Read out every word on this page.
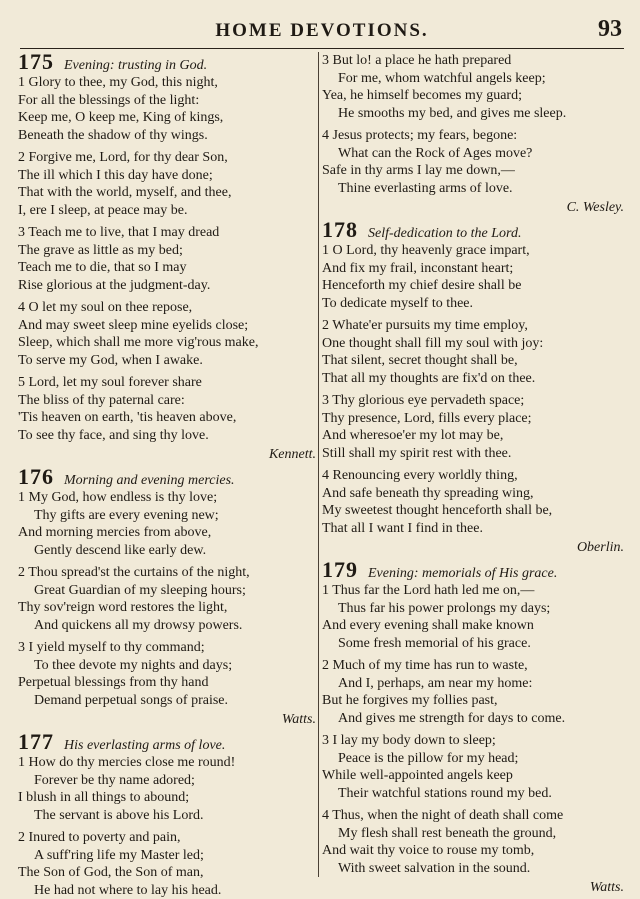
HOME DEVOTIONS.	93
175 Evening: trusting in God.
1 Glory to thee, my God, this night,
For all the blessings of the light:
Keep me, O keep me, King of kings,
Beneath the shadow of thy wings.
2 Forgive me, Lord, for thy dear Son,
The ill which I this day have done;
That with the world, myself, and thee,
I, ere I sleep, at peace may be.
3 Teach me to live, that I may dread
The grave as little as my bed;
Teach me to die, that so I may
Rise glorious at the judgment-day.
4 O let my soul on thee repose,
And may sweet sleep mine eyelids close;
Sleep, which shall me more vig'rous make,
To serve my God, when I awake.
5 Lord, let my soul forever share
The bliss of thy paternal care:
'Tis heaven on earth, 'tis heaven above,
To see thy face, and sing thy love.
Kennett.
176 Morning and evening mercies.
1 My God, how endless is thy love;
Thy gifts are every evening new;
And morning mercies from above,
Gently descend like early dew.
2 Thou spread'st the curtains of the night,
Great Guardian of my sleeping hours;
Thy sov'reign word restores the light,
And quickens all my drowsy powers.
3 I yield myself to thy command;
To thee devote my nights and days;
Perpetual blessings from thy hand
Demand perpetual songs of praise.
Watts.
177 His everlasting arms of love.
1 How do thy mercies close me round!
Forever be thy name adored;
I blush in all things to abound;
The servant is above his Lord.
2 Inured to poverty and pain,
A suff'ring life my Master led;
The Son of God, the Son of man,
He had not where to lay his head.
3 But lo! a place he hath prepared
For me, whom watchful angels keep;
Yea, he himself becomes my guard;
He smooths my bed, and gives me sleep.
4 Jesus protects; my fears, begone:
What can the Rock of Ages move?
Safe in thy arms I lay me down,—
Thine everlasting arms of love.
C. Wesley.
178 Self-dedication to the Lord.
1 O Lord, thy heavenly grace impart,
And fix my frail, inconstant heart;
Henceforth my chief desire shall be
To dedicate myself to thee.
2 Whate'er pursuits my time employ,
One thought shall fill my soul with joy:
That silent, secret thought shall be,
That all my thoughts are fix'd on thee.
3 Thy glorious eye pervadeth space;
Thy presence, Lord, fills every place;
And wheresoe'er my lot may be,
Still shall my spirit rest with thee.
4 Renouncing every worldly thing,
And safe beneath thy spreading wing,
My sweetest thought henceforth shall be,
That all I want I find in thee.
Oberlin.
179 Evening: memorials of His grace.
1 Thus far the Lord hath led me on,—
Thus far his power prolongs my days;
And every evening shall make known
Some fresh memorial of his grace.
2 Much of my time has run to waste,
And I, perhaps, am near my home:
But he forgives my follies past,
And gives me strength for days to come.
3 I lay my body down to sleep;
Peace is the pillow for my head;
While well-appointed angels keep
Their watchful stations round my bed.
4 Thus, when the night of death shall come
My flesh shall rest beneath the ground,
And wait thy voice to rouse my tomb,
With sweet salvation in the sound.
Watts.
